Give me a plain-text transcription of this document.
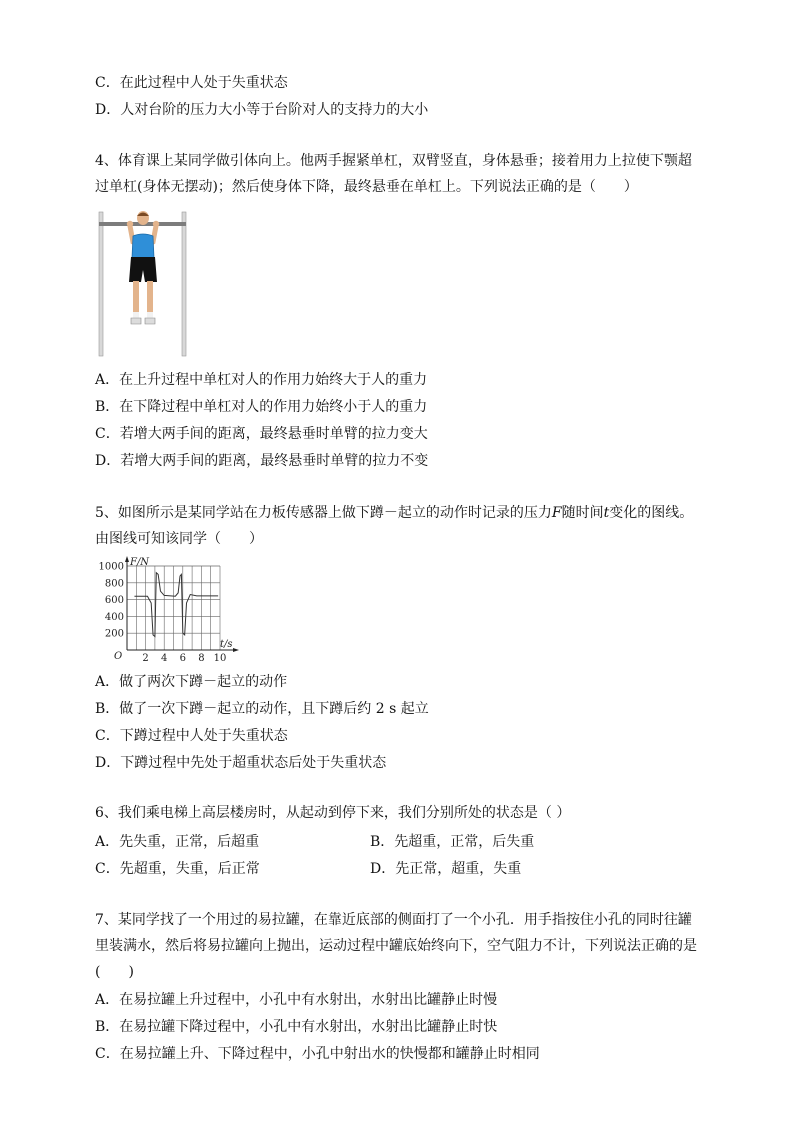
C．在此过程中人处于失重状态
D．人对台阶的压力大小等于台阶对人的支持力的大小
4、体育课上某同学做引体向上。他两手握紧单杠，双臂竖直，身体悬垂；接着用力上拉使下颚超过单杠(身体无摆动)；然后使身体下降，最终悬垂在单杠上。下列说法正确的是（　　）
A．在上升过程中单杠对人的作用力始终大于人的重力
B．在下降过程中单杠对人的作用力始终小于人的重力
C．若增大两手间的距离，最终悬垂时单臂的拉力变大
D．若增大两手间的距离，最终悬垂时单臂的拉力不变
5、如图所示是某同学站在力板传感器上做下蹲－起立的动作时记录的压力F随时间t变化的图线。由图线可知该同学（　　）
F/N
t/s
O
200
400
600
800
1000
2 4 6 8 10
A．做了两次下蹲－起立的动作
B．做了一次下蹲－起立的动作，且下蹲后约 2 s 起立
C．下蹲过程中人处于失重状态
D．下蹲过程中先处于超重状态后处于失重状态
6、我们乘电梯上高层楼房时，从起动到停下来，我们分别所处的状态是（ ）
A．先失重，正常，后超重	B．先超重，正常，后失重
C．先超重，失重，后正常	D．先正常，超重，失重
7、某同学找了一个用过的易拉罐，在靠近底部的侧面打了一个小孔．用手指按住小孔的同时往罐里装满水，然后将易拉罐向上抛出，运动过程中罐底始终向下，空气阻力不计，下列说法正确的是(　　)
A．在易拉罐上升过程中，小孔中有水射出，水射出比罐静止时慢
B．在易拉罐下降过程中，小孔中有水射出，水射出比罐静止时快
C．在易拉罐上升、下降过程中，小孔中射出水的快慢都和罐静止时相同
